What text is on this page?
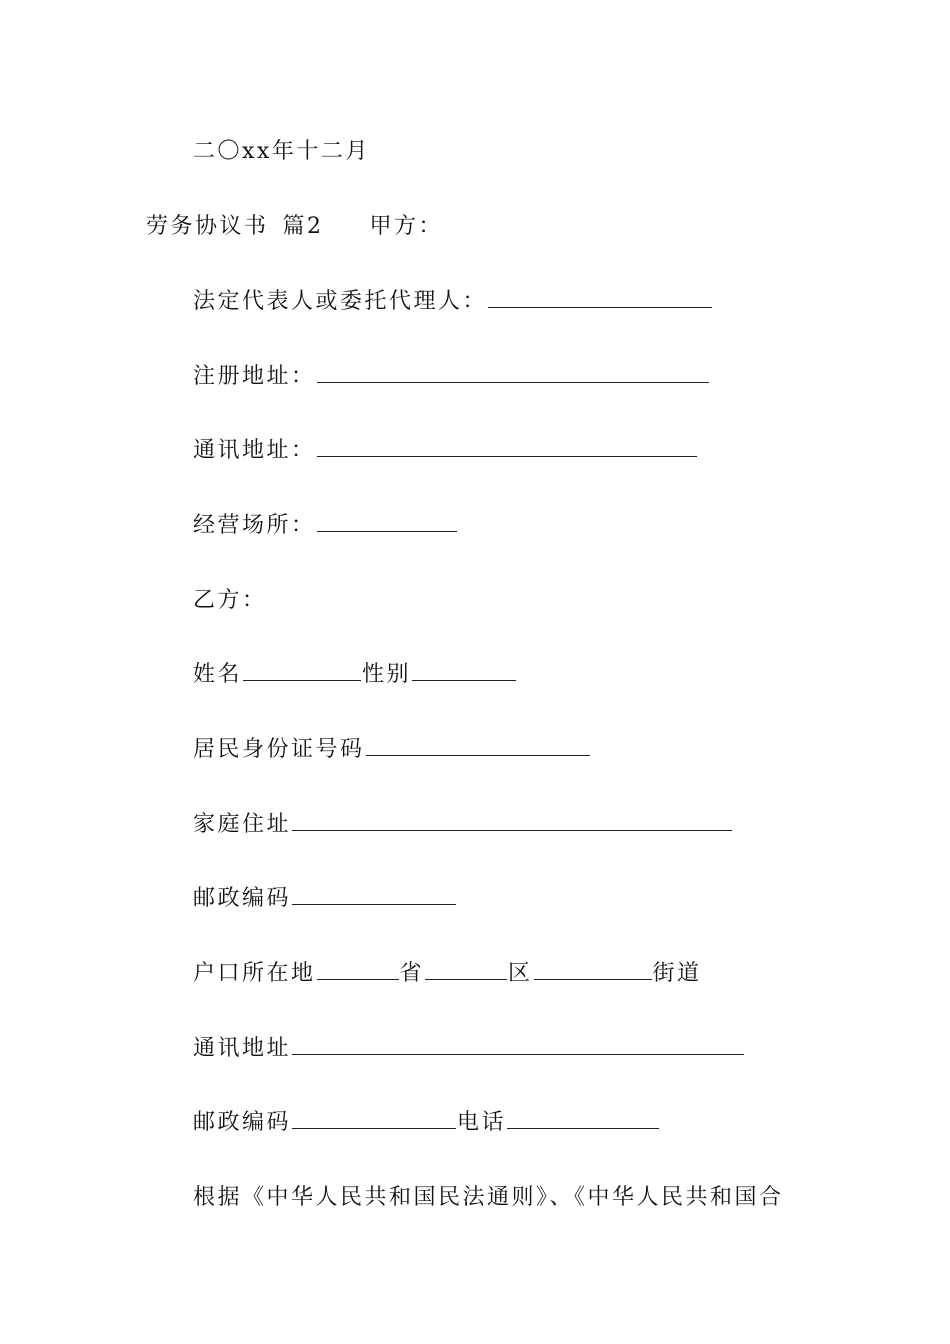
二〇xx年十二月
劳务协议书 篇2 甲方：
法定代表人或委托代理人：
注册地址：
通讯地址：
经营场所：
乙方：
姓名	性别
居民身份证号码
家庭住址
邮政编码
户口所在地	省	区	街道
通讯地址
邮政编码	电话
根据《中华人民共和国民法通则》、《中华人民共和国合
